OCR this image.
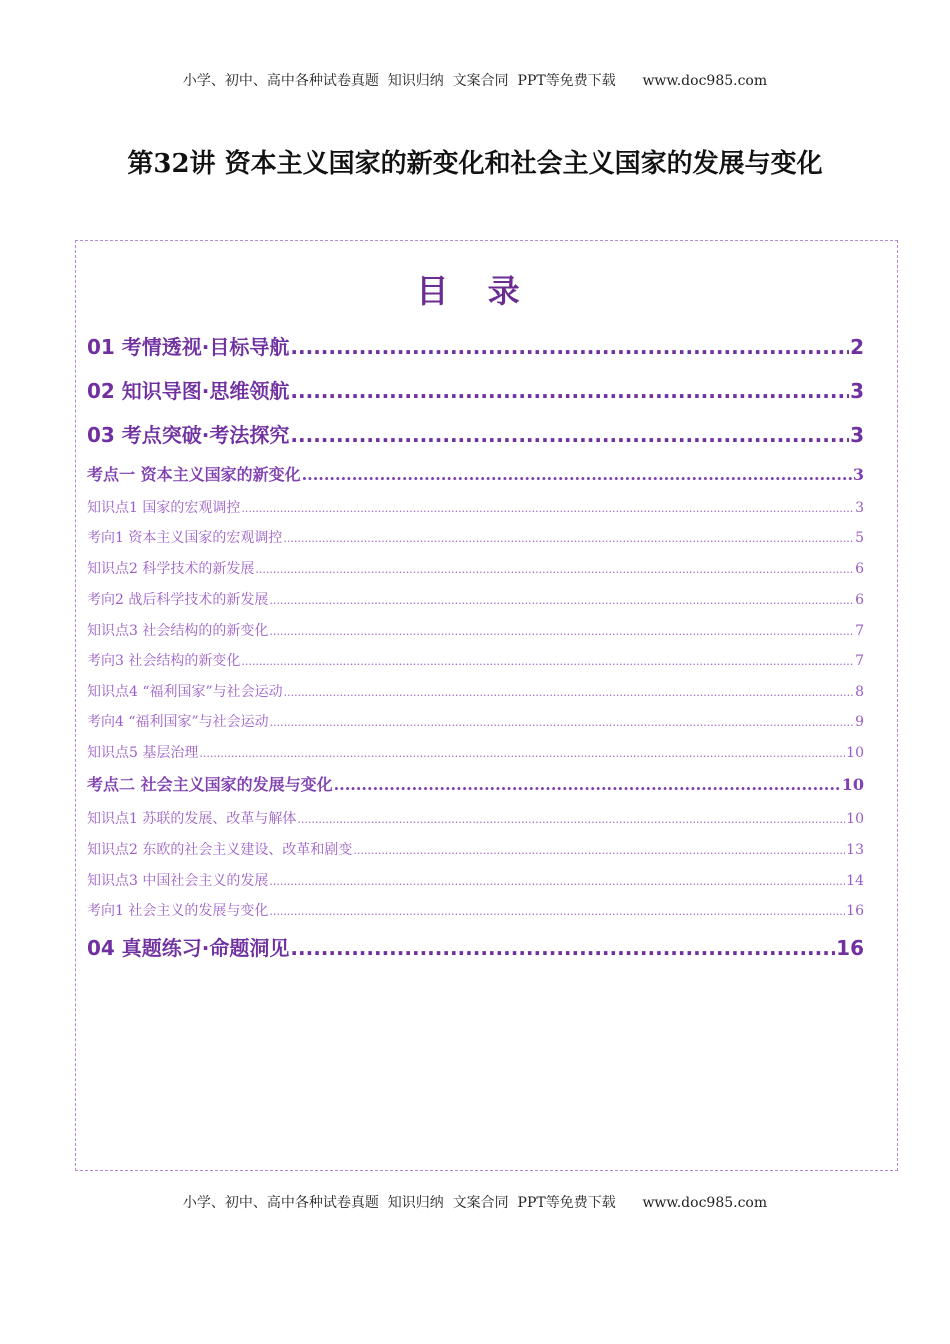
小学、初中、高中各种试卷真题  知识归纳  文案合同  PPT等免费下载      www.doc985.com
第32讲 资本主义国家的新变化和社会主义国家的发展与变化
目 录
01 考情透视·目标导航 .....	2
02 知识导图·思维领航 .....	3
03 考点突破·考法探究 .....	3
考点一 资本主义国家的新变化 .....	3
知识点1 国家的宏观调控 .....	3
考向1 资本主义国家的宏观调控 .....	5
知识点2 科学技术的新发展 .....	6
考向2 战后科学技术的新发展 .....	6
知识点3 社会结构的的新变化 .....	7
考向3 社会结构的新变化 .....	7
知识点4 “福利国家”与社会运动 .....	8
考向4 “福利国家”与社会运动 .....	9
知识点5 基层治理 .....	10
考点二 社会主义国家的发展与变化 .....	10
知识点1 苏联的发展、改革与解体 .....	10
知识点2 东欧的社会主义建设、改革和剧变 .....	13
知识点3 中国社会主义的发展 .....	14
考向1 社会主义的发展与变化 .....	16
04 真题练习·命题洞见 .....	16
小学、初中、高中各种试卷真题  知识归纳  文案合同  PPT等免费下载      www.doc985.com
